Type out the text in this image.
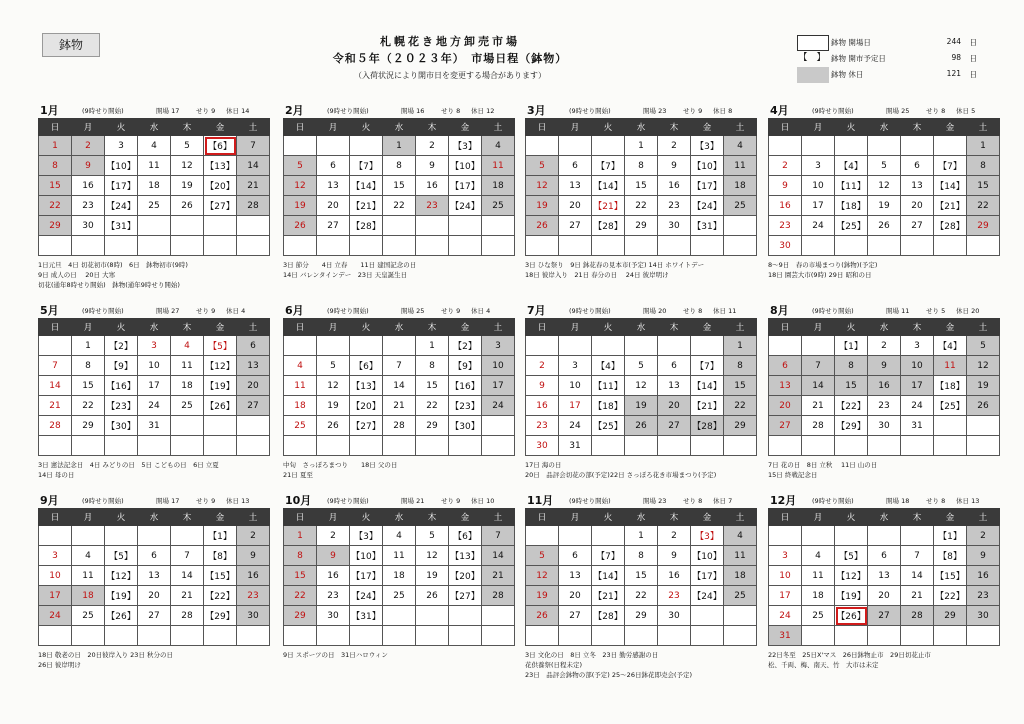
鉢物	札幌花き地方卸売市場
令和５年（２０２３年）　市場日程（鉢物）
（入荷状況により開市日を変更する場合があります）
鉢物 開場日	244 日
【　】 鉢物 開市予定日	98 日
鉢物 休日	121 日
1月	(9時せり開始)	開場 17	せり 9 休日 14
日	月	火	水	木	金	土
1	2	3	4	5	【6】	7
8	9	【10】	11	12	【13】	14
15	16	【17】	18	19	【20】	21
22	23	【24】	25	26	【27】	28
29	30	【31】				

1日元旦　4日 切花初市(8時)　6日　鉢物初市(9時)
9日 成人の日　 20日 大寒
切花(通年8時せり開始)　鉢物(通年9時せり開始)
2月	(9時せり開始)	開場 16	せり 8 休日 12
日	月	火	水	木	金	土
			1	2	【3】	4
5	6	【7】	8	9	【10】	11
12	13	【14】	15	16	【17】	18
19	20	【21】	22	23	【24】	25
26	27	【28】				

3日 節分　　4日 立春　　11日 建国記念の日
14日 バレンタインデー　23日 天皇誕生日
3月	(9時せり開始)	開場 23	せり 9 休日 8
日	月	火	水	木	金	土
			1	2	【3】	4
5	6	【7】	8	9	【10】	11
12	13	【14】	15	16	【17】	18
19	20	【21】	22	23	【24】	25
26	27	【28】	29	30	【31】	

3日 ひな祭り　9日 鉢花春の見本市(予定) 14日 ホワイトデー
18日 彼岸入り　21日 春分の日　 24日 彼岸明け
4月	(9時せり開始)	開場 25	せり 8 休日 5
日	月	火	水	木	金	土
						1
2	3	【4】	5	6	【7】	8
9	10	【11】	12	13	【14】	15
16	17	【18】	19	20	【21】	22
23	24	【25】	26	27	【28】	29
30						
8〜9日　春の市場まつり(鉢物)(予定)
18日 園芸大市(9時) 29日 昭和の日
5月	(9時せり開始)	開場 27	せり 9 休日 4
日	月	火	水	木	金	土
	1	【2】	3	4	【5】	6
7	8	【9】	10	11	【12】	13
14	15	【16】	17	18	【19】	20
21	22	【23】	24	25	【26】	27
28	29	【30】	31			

3日 憲法記念日　4日 みどりの日　5日 こどもの日　6日 立夏
14日 母の日
6月	(9時せり開始)	開場 25	せり 9 休日 4
日	月	火	水	木	金	土
				1	【2】	3
4	5	【6】	7	8	【9】	10
11	12	【13】	14	15	【16】	17
18	19	【20】	21	22	【23】	24
25	26	【27】	28	29	【30】	

中旬　さっぽろまつり　　18日 父の日
21日 夏至
7月	(9時せり開始)	開場 20	せり 8 休日 11
日	月	火	水	木	金	土
						1
2	3	【4】	5	6	【7】	8
9	10	【11】	12	13	【14】	15
16	17	【18】	19	20	【21】	22
23	24	【25】	26	27	【28】	29
30	31					
17日 海の日
20日　品評会切花の部(予定)22日 さっぽろ花き市場まつり(予定)
8月	(9時せり開始)	開場 11	せり 5 休日 20
日	月	火	水	木	金	土
		【1】	2	3	【4】	5
6	7	8	9	10	11	12
13	14	15	16	17	【18】	19
20	21	【22】	23	24	【25】	26
27	28	【29】	30	31		

7日 花の日　8日 立秋　 11日 山の日
15日 終戦記念日
9月	(9時せり開始)	開場 17	せり 9 休日 13
日	月	火	水	木	金	土
					【1】	2
3	4	【5】	6	7	【8】	9
10	11	【12】	13	14	【15】	16
17	18	【19】	20	21	【22】	23
24	25	【26】	27	28	【29】	30

18日 敬老の日　20日彼岸入り 23日 秋分の日
26日 彼岸明け
10月 (9時せり開始)	開場 21	せり 9 休日 10
日	月	火	水	木	金	土
1	2	【3】	4	5	【6】	7
8	9	【10】	11	12	【13】	14
15	16	【17】	18	19	【20】	21
22	23	【24】	25	26	【27】	28
29	30	【31】				

9日 スポーツの日　31日ハロウィン
11月 (9時せり開始)	開場 23	せり 8 休日 7
日	月	火	水	木	金	土
			1	2	【3】	4
5	6	【7】	8	9	【10】	11
12	13	【14】	15	16	【17】	18
19	20	【21】	22	23	【24】	25
26	27	【28】	29	30		

3日 文化の日　8日 立冬　23日 勤労感謝の日
花供養祭(日程未定)
23日　品評会鉢物の部(予定) 25〜26日鉢花即売会(予定)
12月 (9時せり開始)	開場 18	せり 8 休日 13
日	月	火	水	木	金	土
					【1】	2
3	4	【5】	6	7	【8】	9
10	11	【12】	13	14	【15】	16
17	18	【19】	20	21	【22】	23
24	25	【26】	27	28	29	30
31						
22日冬至　25日X'マス　26日鉢物止市　29日切花止市
松、千両、梅、南天、竹　大市は未定
